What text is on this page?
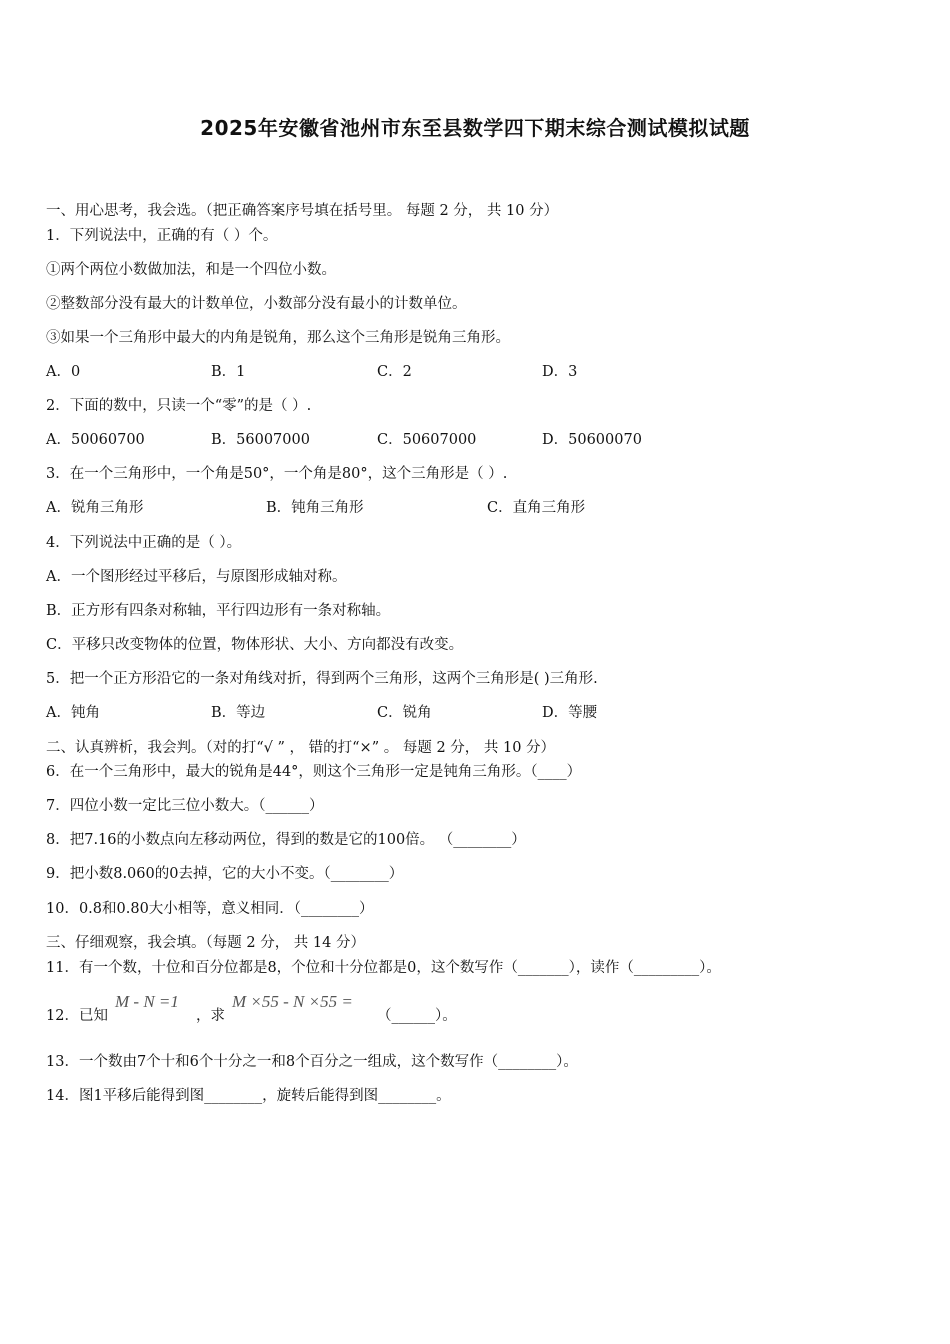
2025年安徽省池州市东至县数学四下期末综合测试模拟试题
一、用心思考，我会选。（把正确答案序号填在括号里。 每题 2 分， 共 10 分）
1．下列说法中，正确的有（ ）个。
①两个两位小数做加法，和是一个四位小数。
②整数部分没有最大的计数单位，小数部分没有最小的计数单位。
③如果一个三角形中最大的内角是锐角，那么这个三角形是锐角三角形。
A．0	B．1	C．2	D．3
2．下面的数中，只读一个“零”的是（ ）.
A．50060700	B．56007000	C．50607000	D．50600070
3．在一个三角形中，一个角是50°，一个角是80°，这个三角形是（ ）.
A．锐角三角形	B．钝角三角形	C．直角三角形
4．下列说法中正确的是（ ）。
A．一个图形经过平移后，与原图形成轴对称。
B．正方形有四条对称轴，平行四边形有一条对称轴。
C．平移只改变物体的位置，物体形状、大小、方向都没有改变。
5．把一个正方形沿它的一条对角线对折，得到两个三角形，这两个三角形是( )三角形.
A．钝角	B．等边	C．锐角	D．等腰
二、认真辨析，我会判。（对的打“√ ” ， 错的打“×” 。 每题 2 分， 共 10 分）
6．在一个三角形中，最大的锐角是44°，则这个三角形一定是钝角三角形。（____）
7．四位小数一定比三位小数大。（______）
8．把7.16的小数点向左移动两位，得到的数是它的100倍。 （________）
9．把小数8.060的0去掉，它的大小不变。（________）
10．0.8和0.80大小相等，意义相同．（________）
三、仔细观察，我会填。（每题 2 分， 共 14 分）
11．有一个数，十位和百分位都是8，个位和十分位都是0，这个数写作（_______），读作（_________）。
12．已知
M - N =1
，求
M ×55 - N ×55 =
（______）。
13．一个数由7个十和6个十分之一和8个百分之一组成，这个数写作（________）。
14．图1平移后能得到图________，旋转后能得到图________。
